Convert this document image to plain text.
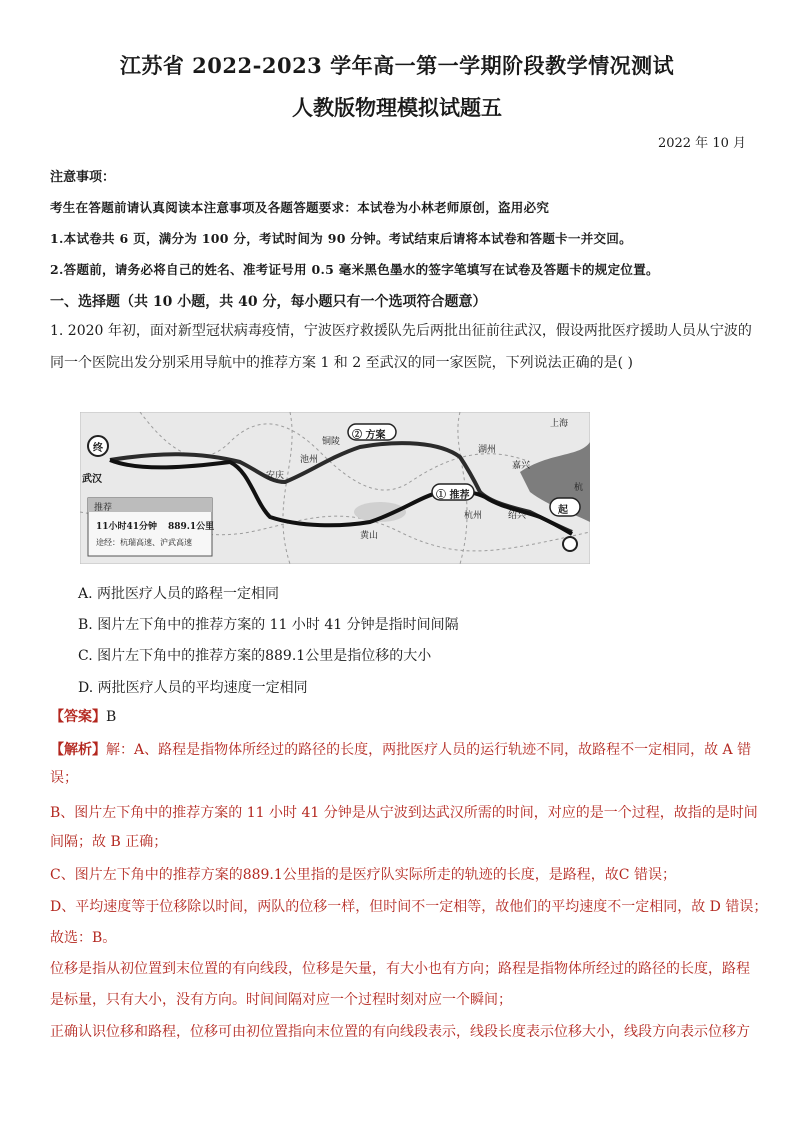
江苏省 2022-2023 学年高一第一学期阶段教学情况测试
人教版物理模拟试题五
2022 年 10 月
注意事项：
考生在答题前请认真阅读本注意事项及各题答题要求：本试卷为小林老师原创，盗用必究
1.本试卷共 6 页，满分为 100 分，考试时间为 90 分钟。考试结束后请将本试卷和答题卡一并交回。
2.答题前，请务必将自己的姓名、准考证号用 0.5 毫米黑色墨水的签字笔填写在试卷及答题卡的规定位置。
一、选择题（共 10 小题，共 40 分，每小题只有一个选项符合题意）
1. 2020 年初，面对新型冠状病毒疫情，宁波医疗救援队先后两批出征前往武汉，假设两批医疗援助人员从宁波的
同一个医院出发分别采用导航中的推荐方案 1 和 2 至武汉的同一家医院，下列说法正确的是( )
终
武汉
② 方案
① 推荐
起
推荐
11小时41分钟 889.1公里
途经：杭瑞高速、沪武高速
上海
铜陵
池州
安庆
湖州
嘉兴
杭州
黄山
绍兴
杭
A. 两批医疗人员的路程一定相同
B. 图片左下角中的推荐方案的 11 小时 41 分钟是指时间间隔
C. 图片左下角中的推荐方案的889.1公里是指位移的大小
D. 两批医疗人员的平均速度一定相同
【答案】B
【解析】解：A、路程是指物体所经过的路径的长度，两批医疗人员的运行轨迹不同，故路程不一定相同，故 A 错
误；
B、图片左下角中的推荐方案的 11 小时 41 分钟是从宁波到达武汉所需的时间，对应的是一个过程，故指的是时间
间隔；故 B 正确；
C、图片左下角中的推荐方案的889.1公里指的是医疗队实际所走的轨迹的长度，是路程，故C 错误；
D、平均速度等于位移除以时间，两队的位移一样，但时间不一定相等，故他们的平均速度不一定相同，故 D 错误；
故选：B。
位移是指从初位置到末位置的有向线段，位移是矢量，有大小也有方向；路程是指物体所经过的路径的长度，路程
是标量，只有大小，没有方向。时间间隔对应一个过程时刻对应一个瞬间；
正确认识位移和路程，位移可由初位置指向末位置的有向线段表示，线段长度表示位移大小，线段方向表示位移方
